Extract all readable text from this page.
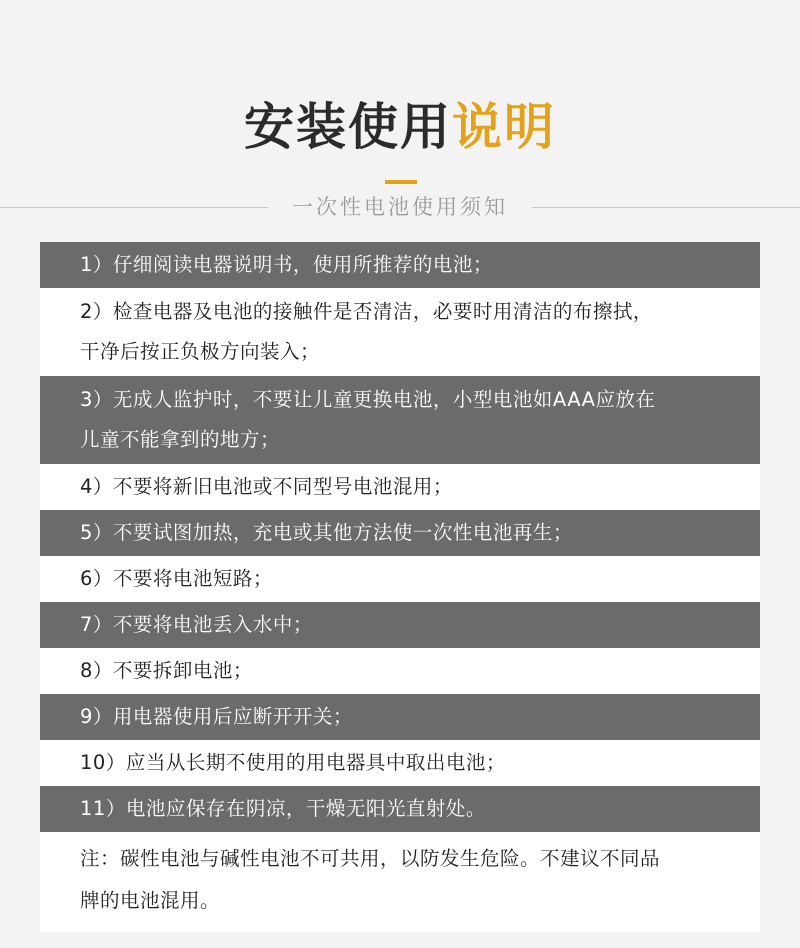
安装使用说明
一次性电池使用须知
1）仔细阅读电器说明书，使用所推荐的电池；
2）检查电器及电池的接触件是否清洁，必要时用清洁的布擦拭，
干净后按正负极方向装入；
3）无成人监护时，不要让儿童更换电池，小型电池如AAA应放在
儿童不能拿到的地方；
4）不要将新旧电池或不同型号电池混用；
5）不要试图加热，充电或其他方法使一次性电池再生；
6）不要将电池短路；
7）不要将电池丢入水中；
8）不要拆卸电池；
9）用电器使用后应断开开关；
10）应当从长期不使用的用电器具中取出电池；
11）电池应保存在阴凉，干燥无阳光直射处。
注：碳性电池与碱性电池不可共用，以防发生危险。不建议不同品
牌的电池混用。
